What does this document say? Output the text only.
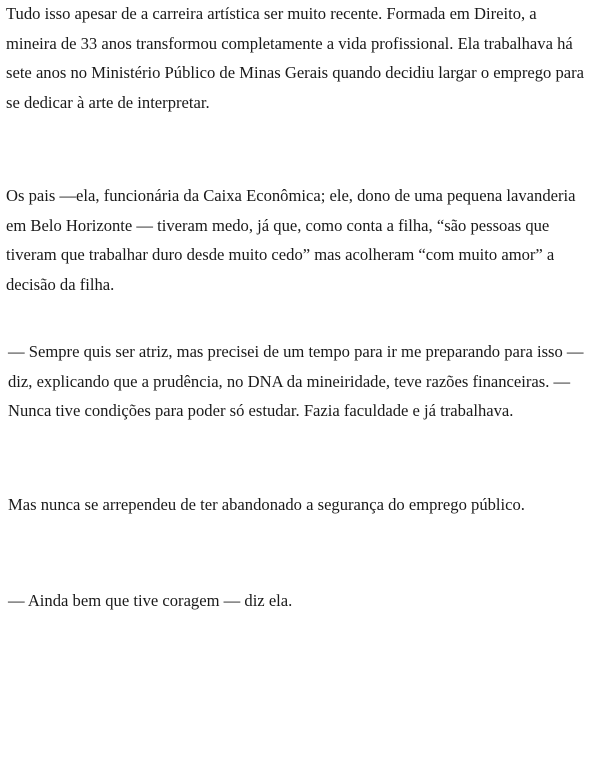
Tudo isso apesar de a carreira artística ser muito recente. Formada em Direito, a mineira de 33 anos transformou completamente a vida profissional. Ela trabalhava há sete anos no Ministério Público de Minas Gerais quando decidiu largar o emprego para se dedicar à arte de interpretar.

Os pais —ela, funcionária da Caixa Econômica; ele, dono de uma pequena lavanderia   em Belo Horizonte — tiveram medo, já que, como conta a filha, “são pessoas que tiveram que trabalhar duro desde muito cedo” mas acolheram “com muito amor” a decisão da filha.

— Sempre quis ser atriz, mas precisei de um tempo para ir me preparando para isso — diz, explicando que a prudência, no DNA da mineiridade, teve razões financeiras. — Nunca tive condições para poder só estudar. Fazia faculdade e já trabalhava.

Mas nunca se arrependeu de ter abandonado a segurança do emprego público.

— Ainda bem que tive coragem — diz ela.
